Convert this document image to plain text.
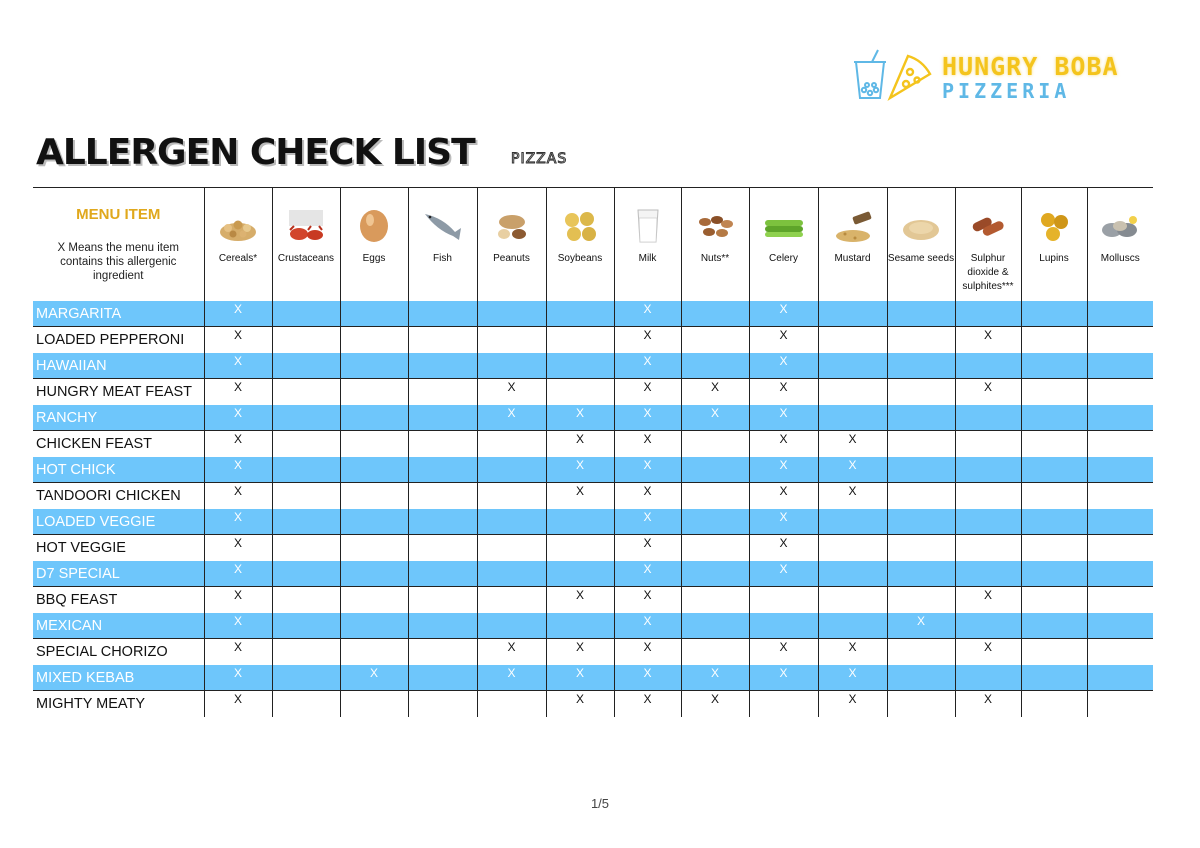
HUNGRY BOBA
PIZZERIA
ALLERGEN CHECK LIST	PIZZAS
MENU ITEM
X Means the menu item contains this allergenic ingredient	Cereals*	Crustaceans	Eggs	Fish	Peanuts	Soybeans	Milk	Nuts**	Celery	Mustard	Sesame seeds	Sulphur dioxide & sulphites***	Lupins	Molluscs

MARGARITA	X						X		X					
LOADED PEPPERONI	X						X		X			X		
HAWAIIAN	X						X		X					
HUNGRY MEAT FEAST	X				X		X	X	X			X		
RANCHY	X				X	X	X	X	X					
CHICKEN FEAST	X					X	X		X	X				
HOT CHICK	X					X	X		X	X				
TANDOORI CHICKEN	X					X	X		X	X				
LOADED VEGGIE	X						X		X					
HOT VEGGIE	X						X		X					
D7 SPECIAL	X						X		X					
BBQ FEAST	X					X	X					X		
MEXICAN	X						X				X			
SPECIAL CHORIZO	X				X	X	X		X	X		X		
MIXED KEBAB	X		X		X	X	X	X	X	X				
MIGHTY MEATY	X					X	X	X		X		X		
1/5
